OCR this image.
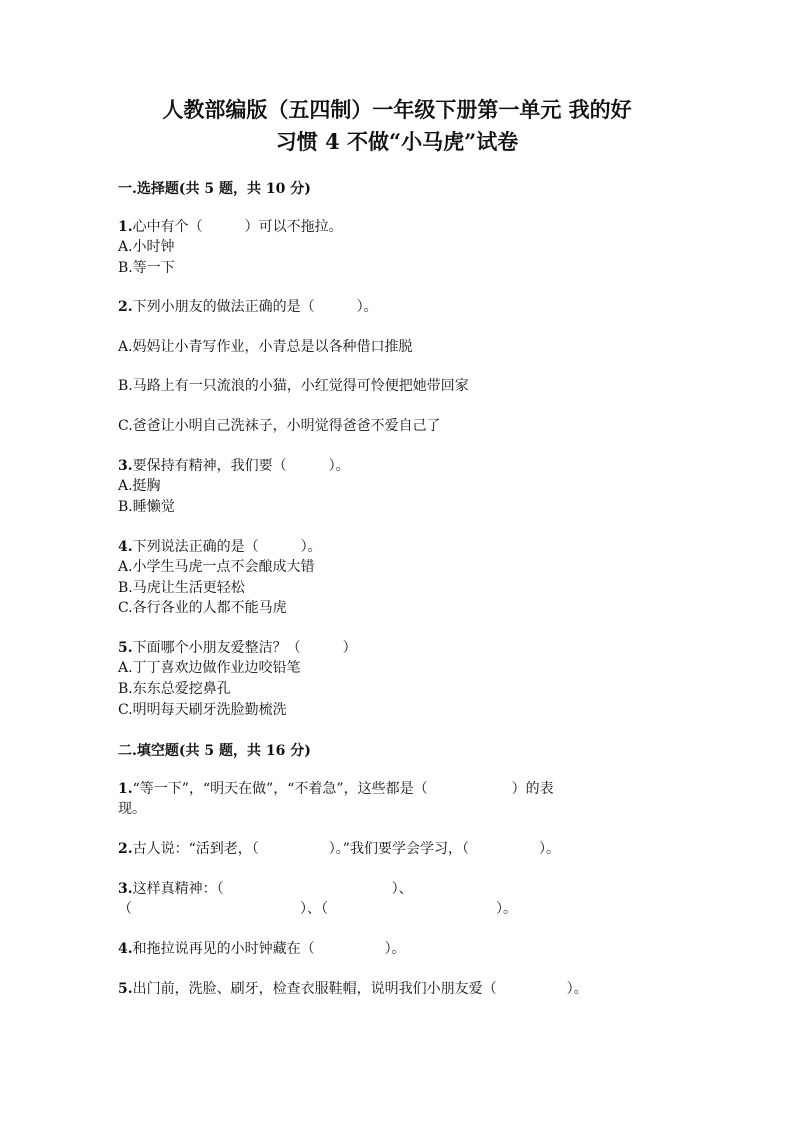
人教部编版（五四制）一年级下册第一单元 我的好
习惯 4 不做“小马虎”试卷
一.选择题(共 5 题，共 10 分)
1.心中有个（　　　）可以不拖拉。
A.小时钟
B.等一下
2.下列小朋友的做法正确的是（　　　）。
A.妈妈让小青写作业，小青总是以各种借口推脱
B.马路上有一只流浪的小猫，小红觉得可怜便把她带回家
C.爸爸让小明自己洗袜子，小明觉得爸爸不爱自己了
3.要保持有精神，我们要（　　　）。
A.挺胸
B.睡懒觉
4.下列说法正确的是（　　　）。
A.小学生马虎一点不会酿成大错
B.马虎让生活更轻松
C.各行各业的人都不能马虎
5.下面哪个小朋友爱整洁？（　　　）
A.丁丁喜欢边做作业边咬铅笔
B.东东总爱挖鼻孔
C.明明每天刷牙洗脸勤梳洗
二.填空题(共 5 题，共 16 分)
1.“等一下”，“明天在做”，“不着急”，这些都是（　　　　　　）的表
现。
2.古人说：“活到老，（　　　　　）。”我们要学会学习，（　　　　　）。
3.这样真精神：（　　　　　　　　　　　　）、
（　　　　　　　　　　　　）、（　　　　　　　　　　　　）。
4.和拖拉说再见的小时钟藏在（　　　　　）。
5.出门前，洗脸、刷牙，检查衣服鞋帽，说明我们小朋友爱（　　　　　）。
